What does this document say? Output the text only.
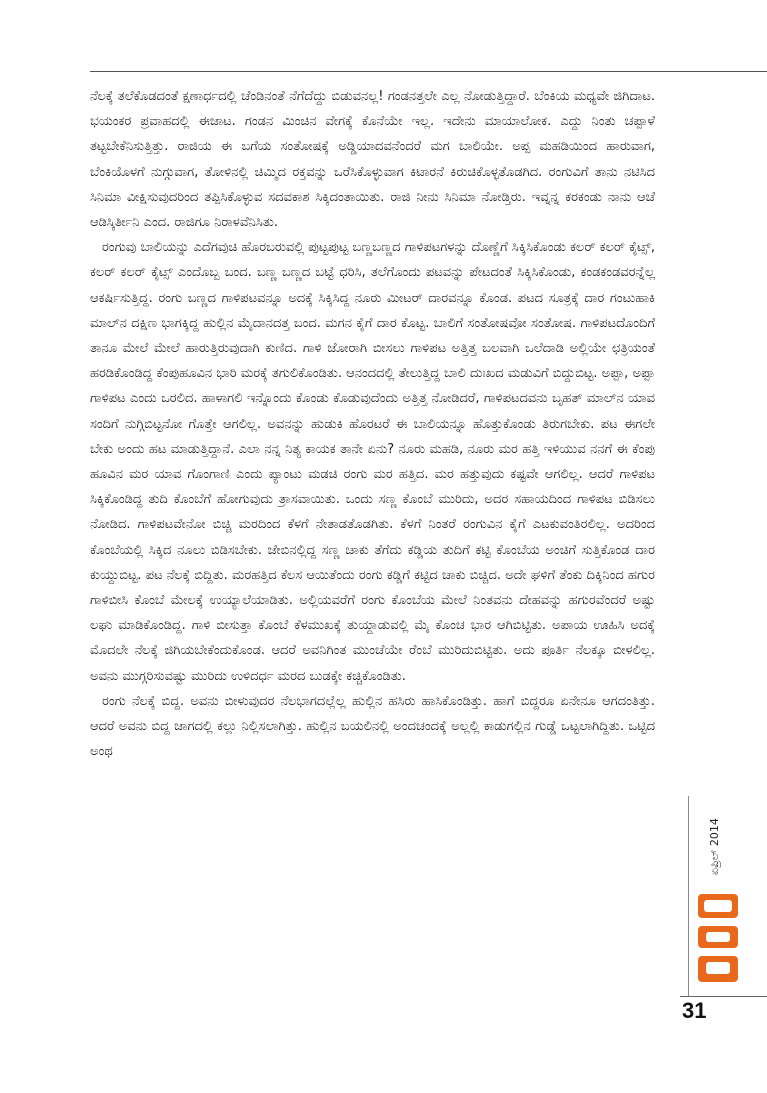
ನೆಲಕ್ಕೆ ತಲೆಕೊಡದಂತೆ ಕ್ಷಣಾರ್ಧದಲ್ಲಿ ಚೆಂಡಿನಂತೆ ನೆಗೆದೆದ್ದು ಬಿಡುವನಲ್ಲ! ಗಂಡನತ್ತಲೇ ಎಲ್ಲ ನೋಡುತ್ತಿದ್ದಾರೆ. ಬೆಂಕಿಯ ಮಧ್ಯವೇ ಜಿಗಿದಾಟ. ಭಯಂಕರ ಪ್ರವಾಹದಲ್ಲಿ ಈಜಾಟ. ಗಂಡನ ಮಿಂಚಿನ ವೇಗಕ್ಕೆ ಕೊನೆಯೇ ಇಲ್ಲ. ಇದೇನು ಮಾಯಾಲೋಕ. ಎದ್ದು ನಿಂತು ಚಪ್ಪಾಳೆ ತಟ್ಟಬೇಕೆನಿಸುತ್ತಿತ್ತು. ರಾಜಿಯ ಈ ಬಗೆಯ ಸಂತೋಷಕ್ಕೆ ಅಡ್ಡಿಯಾದವನೆಂದರೆ ಮಗ ಬಾಲಿಯೇ. ಅಪ್ಪ ಮಹಡಿಯಿಂದ ಹಾರುವಾಗ, ಬೆಂಕಿಯೊಳಗೆ ನುಗ್ಗುವಾಗ, ತೋಳಿನಲ್ಲಿ ಚಿಮ್ಮಿದ ರಕ್ತವನ್ನು ಒರೆಸಿಕೊಳ್ಳುವಾಗ ಕಿಟಾರನೆ ಕಿರುಚಿಕೊಳ್ಳತೊಡಗಿದ. ರಂಗುವಿಗೆ ತಾನು ನಟಿಸಿದ ಸಿನಿಮಾ ವೀಕ್ಷಿಸುವುದರಿಂದ ತಪ್ಪಿಸಿಕೊಳ್ಳುವ ಸದವಕಾಶ ಸಿಕ್ಕಿದಂತಾಯಿತು. ರಾಜಿ ನೀನು ಸಿನಿಮಾ ನೋಡ್ತಿರು. ಇವ್ನನ್ನ ಕರಕಂಡು ನಾನು ಆಚೆ ಆಡಿಸ್ಕಿರ್ತೀನಿ ಎಂದ. ರಾಜಿಗೂ ನಿರಾಳವೆನಿಸಿತು.

ರಂಗುವು ಬಾಲಿಯನ್ನು ಎದೆಗವುಚಿ ಹೊರಬರುವಲ್ಲಿ ಪುಟ್ಟಪುಟ್ಟ ಬಣ್ಣಬಣ್ಣದ ಗಾಳಿಪಟಗಳನ್ನು ದೊಣ್ಣೆಗೆ ಸಿಕ್ಕಿಸಿಕೊಂಡು ಕಲರ್ ಕಲರ್ ಕೈಟ್ಸ್, ಕಲರ್ ಕಲರ್ ಕೈಟ್ಸ್ ಎಂದೊಬ್ಬ ಬಂದ. ಬಣ್ಣ ಬಣ್ಣದ ಬಟ್ಟೆ ಧರಿಸಿ, ತಲೆಗೊಂದು ಪಟವನ್ನು ಪೇಟದಂತೆ ಸಿಕ್ಕಿಸಿಕೊಂಡು, ಕಂಡಕಂಡವರನ್ನೆಲ್ಲ ಆಕರ್ಷಿಸುತ್ತಿದ್ದ. ರಂಗು ಬಣ್ಣದ ಗಾಳಿಪಟವನ್ನೂ ಅದಕ್ಕೆ ಸಿಕ್ಕಿಸಿದ್ದ ನೂರು ಮೀಟರ್ ದಾರವನ್ನೂ ಕೊಂಡ. ಪಟದ ಸೂತ್ರಕ್ಕೆ ದಾರ ಗಂಟುಹಾಕಿ ಮಾಲ್‌ನ ದಕ್ಷಿಣ ಭಾಗಕ್ಕಿದ್ದ ಹುಲ್ಲಿನ ಮೈದಾನದತ್ತ ಬಂದ. ಮಗನ ಕೈಗೆ ದಾರ ಕೊಟ್ಟ. ಬಾಲಿಗೆ ಸಂತೋಷವೋ ಸಂತೋಷ. ಗಾಳಿಪಟದೊಂದಿಗೆ ತಾನೂ ಮೇಲೆ ಮೇಲೆ ಹಾರುತ್ತಿರುವುದಾಗಿ ಕುಣಿದ. ಗಾಳಿ ಜೋರಾಗಿ ಬೀಸಲು ಗಾಳಿಪಟ ಅತ್ತಿತ್ತ ಬಲವಾಗಿ ಒಲೆದಾಡಿ ಅಲ್ಲಿಯೇ ಛತ್ರಿಯಂತೆ ಹರಡಿಕೊಂಡಿದ್ದ ಕೆಂಪುಹೂವಿನ ಭಾರಿ ಮರಕ್ಕೆ ತಗುಲಿಕೊಂಡಿತು. ಆನಂದದಲ್ಲಿ ತೇಲುತ್ತಿದ್ದ ಬಾಲಿ ದುಃಖದ ಮಡುವಿಗೆ ಬಿದ್ದುಬಿಟ್ಟ. ಅಪ್ಪಾ, ಅಪ್ಪಾ ಗಾಳಿಪಟ ಎಂದು ಒರಲಿದ. ಹಾಳಾಗಲಿ ಇನ್ನೊಂದು ಕೊಂಡು ಕೊಡುವುದೆಂದು ಅತ್ತಿತ್ತ ನೋಡಿದರೆ, ಗಾಳಿಪಟದವನು ಬೃಹತ್ ಮಾಲ್‌ನ ಯಾವ ಸಂದಿಗೆ ನುಗ್ಗಿಬಿಟ್ಟನೋ ಗೊತ್ತೇ ಆಗಲಿಲ್ಲ. ಅವನನ್ನು ಹುಡುಕಿ ಹೊರಟರೆ ಈ ಬಾಲಿಯನ್ನೂ ಹೊತ್ತುಕೊಂಡು ತಿರುಗಬೇಕು. ಪಟ ಈಗಲೇ ಬೇಕು ಅಂದು ಹಟ ಮಾಡುತ್ತಿದ್ದಾನೆ. ಎಲಾ ನನ್ನ ನಿತ್ಯ ಕಾಯಕ ತಾನೇ ಏನು? ನೂರು ಮಹಡಿ, ನೂರು ಮರ ಹತ್ತಿ ಇಳಿಯುವ ನನಗೆ ಈ ಕೆಂಪು ಹೂವಿನ ಮರ ಯಾವ ಗೊಂಗಾಣಿ ಎಂದು ಪ್ಯಾಂಟು ಮಡಚಿ ರಂಗು ಮರ ಹತ್ತಿದ. ಮರ ಹತ್ತುವುದು ಕಷ್ಟವೇ ಆಗಲಿಲ್ಲ. ಆದರೆ ಗಾಳಿಪಟ ಸಿಕ್ಕಿಕೊಂಡಿದ್ದ ತುದಿ ಕೊಂಬೆಗೆ ಹೋಗುವುದು ತ್ರಾಸವಾಯಿತು. ಒಂದು ಸಣ್ಣ ಕೊಂಬೆ ಮುರಿದು, ಅದರ ಸಹಾಯದಿಂದ ಗಾಳಿಪಟ ಬಿಡಿಸಲು ನೋಡಿದ. ಗಾಳಿಪಟವೇನೋ ಬಿಚ್ಚಿ ಮರದಿಂದ ಕೆಳಗೆ ನೇತಾಡತೊಡಗಿತು. ಕೆಳಗೆ ನಿಂತರೆ ರಂಗುವಿನ ಕೈಗೆ ಎಟಕುವಂತಿರಲಿಲ್ಲ. ಅದರಿಂದ ಕೊಂಬೆಯಲ್ಲಿ ಸಿಕ್ಕಿದ ನೂಲು ಬಿಡಿಸಬೇಕು. ಜೇಬಿನಲ್ಲಿದ್ದ ಸಣ್ಣ ಚಾಕು ತೆಗೆದು ಕಡ್ಡಿಯ ತುದಿಗೆ ಕಟ್ಟಿ ಕೊಂಬೆಯ ಅಂಚಿಗೆ ಸುತ್ತಿಕೊಂಡ ದಾರ ಕುಯ್ದುಬಿಟ್ಟ. ಪಟ ನೆಲಕ್ಕೆ ಬಿದ್ದಿತು. ಮರಹತ್ತಿದ ಕೆಲಸ ಆಯಿತೆಂದು ರಂಗು ಕಡ್ಡಿಗೆ ಕಟ್ಟಿದ ಚಾಕು ಬಿಚ್ಚಿದ. ಅದೇ ಘಳಿಗೆ ತೆಂಕು ದಿಕ್ಕಿನಿಂದ ಹಗುರ ಗಾಳಿಬೀಸಿ ಕೊಂಬೆ ಮೇಲಕ್ಕೆ ಉಯ್ಯಾಲೆಯಾಡಿತು. ಅಲ್ಲಿಯವರೆಗೆ ರಂಗು ಕೊಂಬೆಯ ಮೇಲೆ ನಿಂತವನು ದೇಹವನ್ನು ಹಗುರವೆಂದರೆ ಅಷ್ಟು ಲಘು ಮಾಡಿಕೊಂಡಿದ್ದ. ಗಾಳಿ ಬೀಸುತ್ತಾ ಕೊಂಬೆ ಕೆಳಮುಖಕ್ಕೆ ತುಯ್ದಾಡುವಲ್ಲಿ ಮೈ ಕೊಂಚ ಭಾರ ಆಗಿಬಿಟ್ಟಿತು. ಅಪಾಯ ಊಹಿಸಿ ಅದಕ್ಕೆ ಮೊದಲೇ ನೆಲಕ್ಕೆ ಜಿಗಿಯಬೇಕೆಂದುಕೊಂಡ. ಆದರೆ ಅವನಿಗಿಂತ ಮುಂಚೆಯೇ ರೆಂಬೆ ಮುರಿದುಬಿಟ್ಟಿತು. ಅದು ಪೂರ್ತಿ ನೆಲಕ್ಕೂ ಬೀಳಲಿಲ್ಲ. ಅವನು ಮುಗ್ಗರಿಸುವಷ್ಟು ಮುರಿದು ಉಳಿದರ್ಧ ಮರದ ಬುಡಕ್ಕೇ ಕಚ್ಚಿಕೊಂಡಿತು.

ರಂಗು ನೆಲಕ್ಕೆ ಬಿದ್ದ. ಅವನು ಬೀಳುವುದರ ನೆಲಭಾಗದಲ್ಲೆಲ್ಲ ಹುಲ್ಲಿನ ಹಸಿರು ಹಾಸಿಕೊಂಡಿತ್ತು. ಹಾಗೆ ಬಿದ್ದರೂ ಏನೇನೂ ಆಗದಂತಿತ್ತು. ಆದರೆ ಅವನು ಬಿದ್ದ ಜಾಗದಲ್ಲಿ ಕಲ್ಲು ನಿಲ್ಲಿಸಲಾಗಿತ್ತು. ಹುಲ್ಲಿನ ಬಯಲಿನಲ್ಲಿ ಅಂದಚಂದಕ್ಕೆ ಅಲ್ಲಲ್ಲಿ ಕಾಡುಗಲ್ಲಿನ ಗುಡ್ಡೆ ಒಟ್ಟಲಾಗಿದ್ದಿತು. ಒಟ್ಟಿದ ಅಂಥ

ಏಪ್ರಿಲ್ 2014
31
